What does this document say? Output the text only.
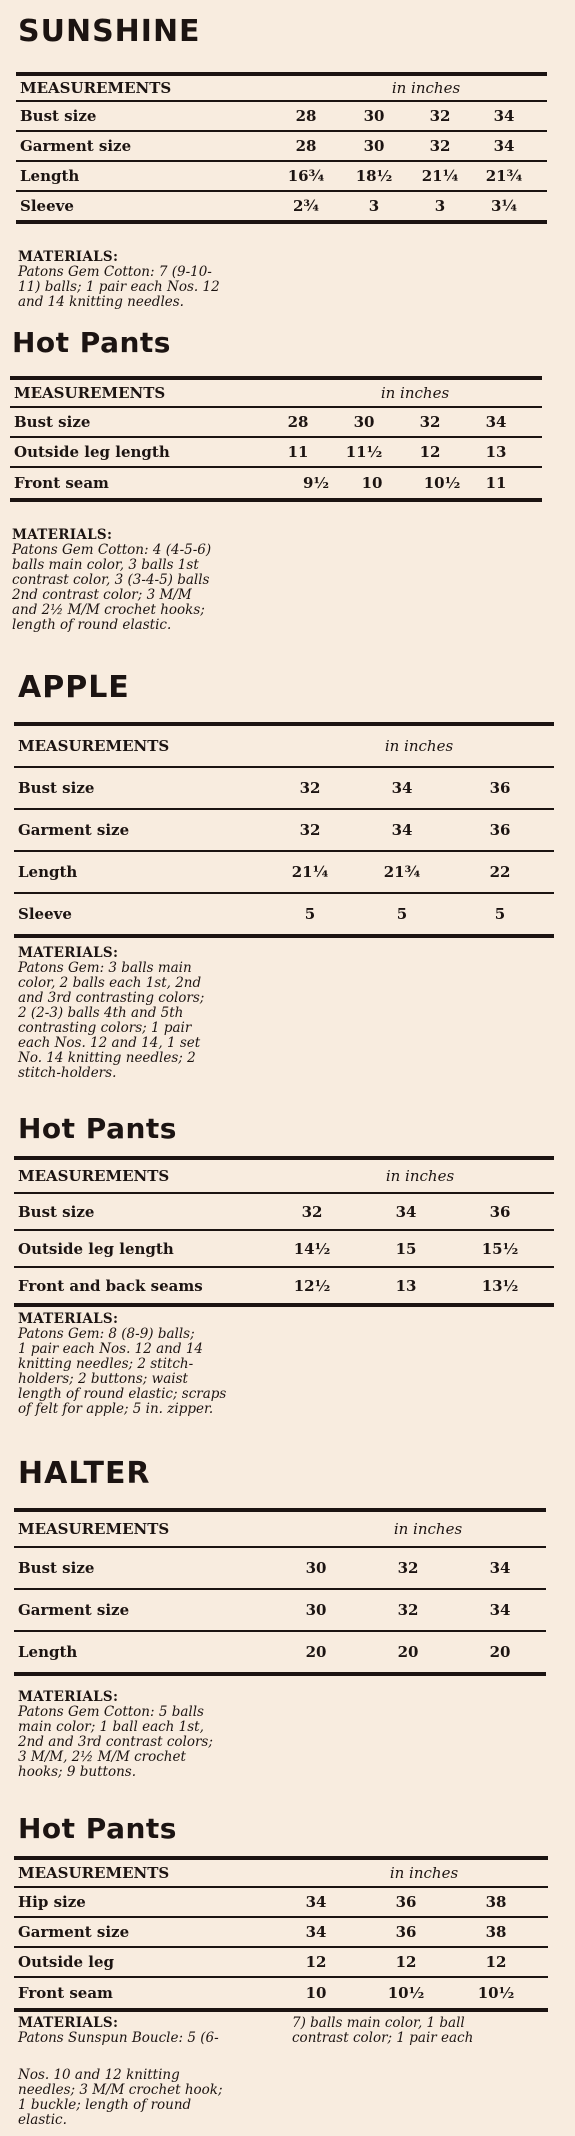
SUNSHINE
MEASUREMENTS	in inches
Bust size	28	30	32	34
Garment size	28	30	32	34
Length	16¾ 18½ 21¼ 21¾
Sleeve	2¾	3	3	3¼
MATERIALS:
Patons Gem Cotton: 7 (9-10-
11) balls; 1 pair each Nos. 12
and 14 knitting needles.
Hot Pants
MEASUREMENTS	in inches
Bust size	28	30	32	34
Outside leg length	11 11½ 12	13
Front seam	9½ 10	10½ 11
MATERIALS:
Patons Gem Cotton: 4 (4-5-6)
balls main color, 3 balls 1st
contrast color, 3 (3-4-5) balls
2nd contrast color; 3 M/M
and 2½ M/M crochet hooks;
length of round elastic.
APPLE
MEASUREMENTS	in inches
Bust size	32	34	36
Garment size	32	34	36
Length	21¼	21¾	22
Sleeve	5	5	5
MATERIALS:
Patons Gem: 3 balls main
color, 2 balls each 1st, 2nd
and 3rd contrasting colors;
2 (2-3) balls 4th and 5th
contrasting colors; 1 pair
each Nos. 12 and 14, 1 set
No. 14 knitting needles; 2
stitch-holders.
Hot Pants
MEASUREMENTS	in inches
Bust size	32	34	36
Outside leg length	14½	15	15½
Front and back seams	12½	13	13½
MATERIALS:
Patons Gem: 8 (8-9) balls;
1 pair each Nos. 12 and 14
knitting needles; 2 stitch-
holders; 2 buttons; waist
length of round elastic; scraps
of felt for apple; 5 in. zipper.
HALTER
MEASUREMENTS	in inches
Bust size	30	32	34
Garment size	30	32	34
Length	20	20	20
MATERIALS:
Patons Gem Cotton: 5 balls
main color; 1 ball each 1st,
2nd and 3rd contrast colors;
3 M/M, 2½ M/M crochet
hooks; 9 buttons.
Hot Pants
MEASUREMENTS	in inches
Hip size	34	36	38
Garment size	34	36	38
Outside leg	12	12	12
Front seam	10	10½	10½
MATERIALS:
Patons Sunspun Boucle: 5 (6-
7) balls main color, 1 ball
contrast color; 1 pair each
Nos. 10 and 12 knitting
needles; 3 M/M crochet hook;
1 buckle; length of round
elastic.
